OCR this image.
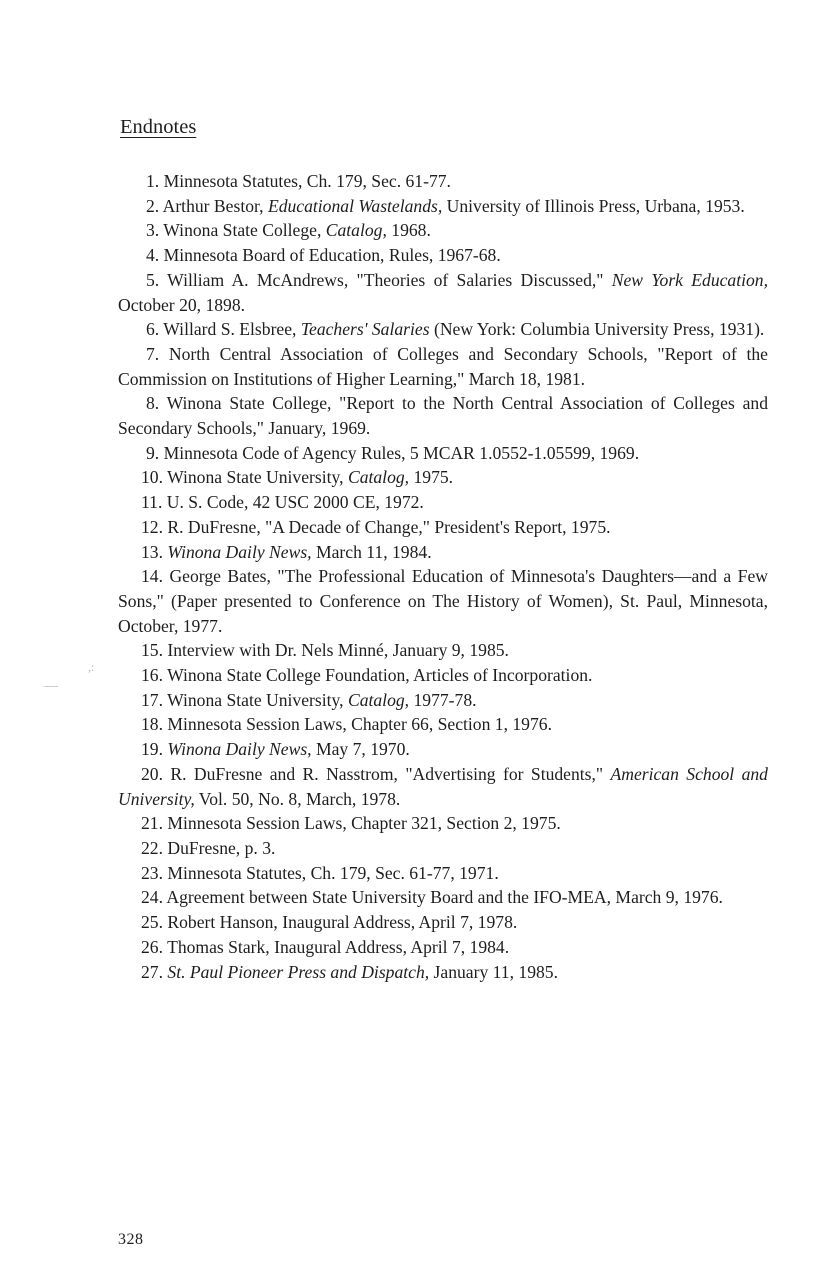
Endnotes

1. Minnesota Statutes, Ch. 179, Sec. 61-77.

2. Arthur Bestor, Educational Wastelands, University of Illinois Press, Urbana, 1953.

3. Winona State College, Catalog, 1968.

4. Minnesota Board of Education, Rules, 1967-68.

5. William A. McAndrews, "Theories of Salaries Discussed," New York Education, October 20, 1898.

6. Willard S. Elsbree, Teachers' Salaries (New York: Columbia University Press, 1931).

7. North Central Association of Colleges and Secondary Schools, "Report of the Commission on Institutions of Higher Learning," March 18, 1981.

8. Winona State College, "Report to the North Central Association of Colleges and Secondary Schools," January, 1969.

9. Minnesota Code of Agency Rules, 5 MCAR 1.0552-1.05599, 1969.

10. Winona State University, Catalog, 1975.

11. U. S. Code, 42 USC 2000 CE, 1972.

12. R. DuFresne, "A Decade of Change," President's Report, 1975.

13. Winona Daily News, March 11, 1984.

14. George Bates, "The Professional Education of Minnesota's Daughters—and a Few Sons," (Paper presented to Conference on The History of Women), St. Paul, Minnesota, October, 1977.

15. Interview with Dr. Nels Minné, January 9, 1985.

16. Winona State College Foundation, Articles of Incorporation.

17. Winona State University, Catalog, 1977-78.

18. Minnesota Session Laws, Chapter 66, Section 1, 1976.

19. Winona Daily News, May 7, 1970.

20. R. DuFresne and R. Nasstrom, "Advertising for Students," American School and University, Vol. 50, No. 8, March, 1978.

21. Minnesota Session Laws, Chapter 321, Section 2, 1975.

22. DuFresne, p. 3.

23. Minnesota Statutes, Ch. 179, Sec. 61-77, 1971.

24. Agreement between State University Board and the IFO-MEA, March 9, 1976.

25. Robert Hanson, Inaugural Address, April 7, 1978.

26. Thomas Stark, Inaugural Address, April 7, 1984.

27. St. Paul Pioneer Press and Dispatch, January 11, 1985.

,:
328
